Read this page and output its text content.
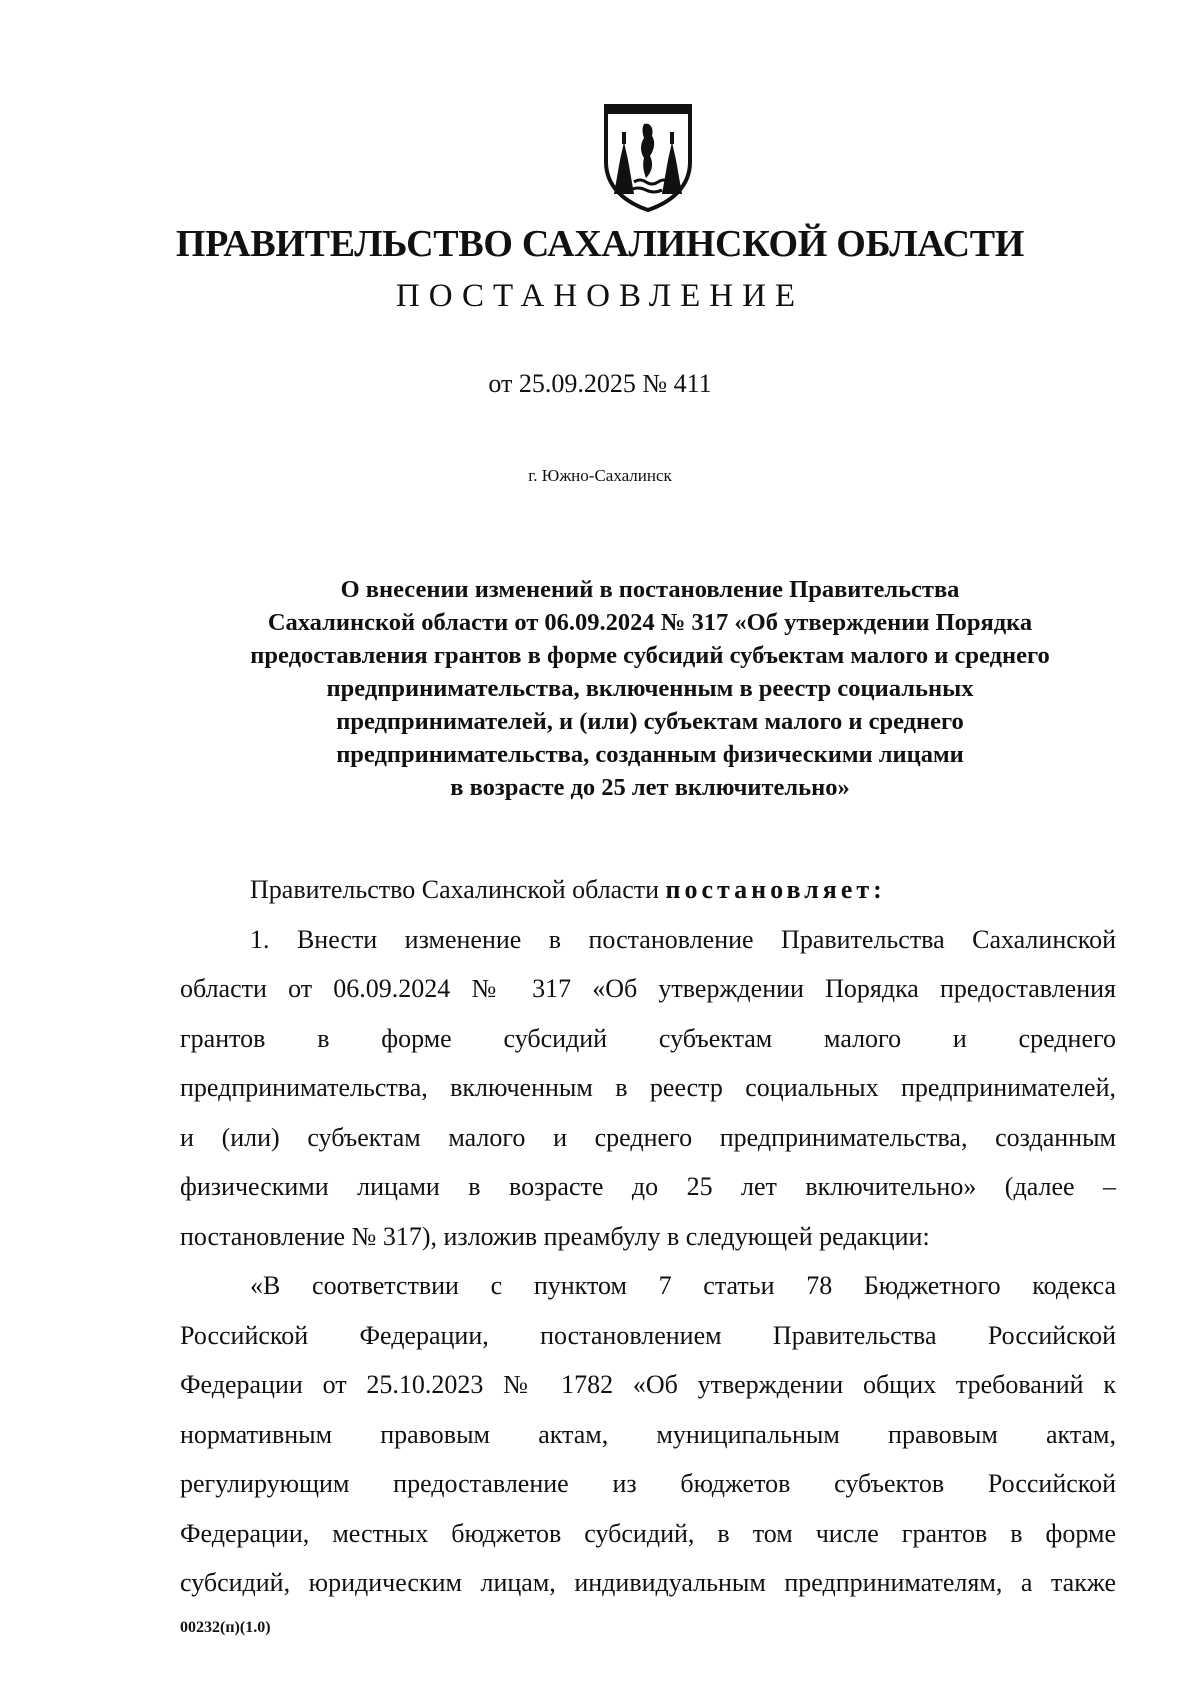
ПРАВИТЕЛЬСТВО САХАЛИНСКОЙ ОБЛАСТИ
ПОСТАНОВЛЕНИЕ
от 25.09.2025 № 411
г. Южно-Сахалинск
О внесении изменений в постановление Правительства
Сахалинской области от 06.09.2024 № 317 «Об утверждении Порядка
предоставления грантов в форме субсидий субъектам малого и среднего
предпринимательства, включенным в реестр социальных
предпринимателей, и (или) субъектам малого и среднего
предпринимательства, созданным физическими лицами
в возрасте до 25 лет включительно»
Правительство Сахалинской области постановляет:
1. Внести изменение в постановление Правительства Сахалинской
области от 06.09.2024 № 317 «Об утверждении Порядка предоставления
грантов в форме субсидий субъектам малого и среднего
предпринимательства, включенным в реестр социальных предпринимателей,
и (или) субъектам малого и среднего предпринимательства, созданным
физическими лицами в возрасте до 25 лет включительно» (далее –
постановление № 317), изложив преамбулу в следующей редакции:
«В соответствии с пунктом 7 статьи 78 Бюджетного кодекса
Российской Федерации, постановлением Правительства Российской
Федерации от 25.10.2023 № 1782 «Об утверждении общих требований к
нормативным правовым актам, муниципальным правовым актам,
регулирующим предоставление из бюджетов субъектов Российской
Федерации, местных бюджетов субсидий, в том числе грантов в форме
субсидий, юридическим лицам, индивидуальным предпринимателям, а также
00232(п)(1.0)
